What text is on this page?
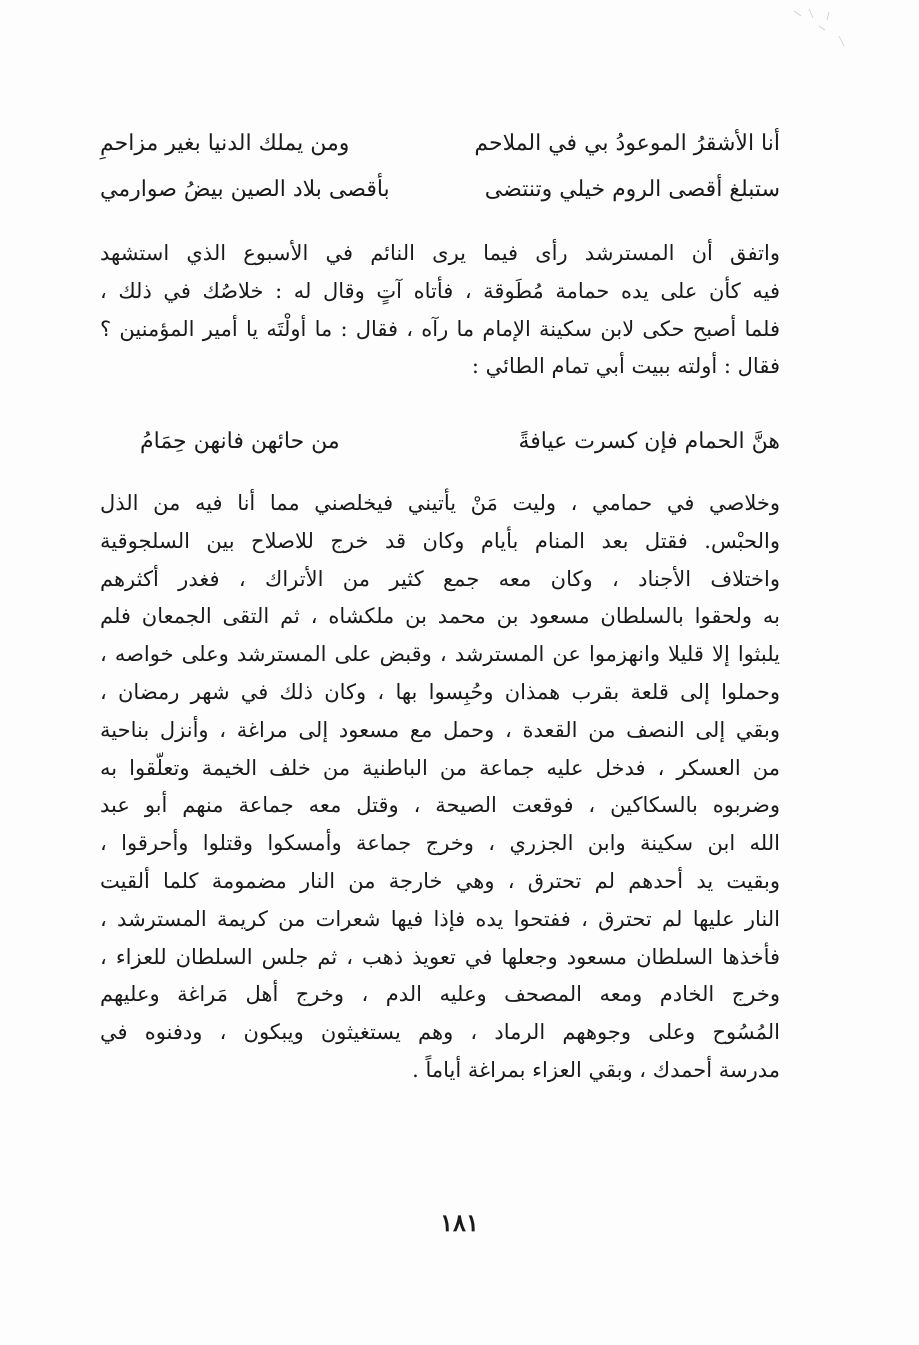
أنا الأشقرُ الموعودُ بي في الملاحم
ومن يملك الدنيا بغير مزاحمِ
ستبلغ أقصى الروم خيلي وتنتضى
بأقصى بلاد الصين بيضُ صوارمي
واتفق أن المسترشد رأى فيما يرى النائم في الأسبوع الذي استشهد
فيه كأن على يده حمامة مُطَوقة ، فأتاه آتٍ وقال له : خلاصُك في ذلك ،
فلما أصبح حكى لابن سكينة الإمام ما رآه ، فقال : ما أولْتَه يا أمير المؤمنين ؟
فقال : أولته ببيت أبي تمام الطائي :
هنَّ الحمام فإن كسرت عيافةً
من حائهن فانهن حِمَامُ
وخلاصي في حمامي ، وليت مَنْ يأتيني فيخلصني مما أنا فيه من الذل
والحبْس. فقتل بعد المنام بأيام وكان قد خرج للاصلاح بين السلجوقية
واختلاف الأجناد ، وكان معه جمع كثير من الأتراك ، فغدر أكثرهم
به ولحقوا بالسلطان مسعود بن محمد بن ملكشاه ، ثم التقى الجمعان فلم
يلبثوا إلا قليلا وانهزموا عن المسترشد ، وقبض على المسترشد وعلى خواصه ،
وحملوا إلى قلعة بقرب همذان وحُبِسوا بها ، وكان ذلك في شهر رمضان ،
وبقي إلى النصف من القعدة ، وحمل مع مسعود إلى مراغة ، وأنزل بناحية
من العسكر ، فدخل عليه جماعة من الباطنية من خلف الخيمة وتعلّقوا به
وضربوه بالسكاكين ، فوقعت الصيحة ، وقتل معه جماعة منهم أبو عبد
الله ابن سكينة وابن الجزري ، وخرج جماعة وأمسكوا وقتلوا وأحرقوا ،
وبقيت يد أحدهم لم تحترق ، وهي خارجة من النار مضمومة كلما ألقيت
النار عليها لم تحترق ، ففتحوا يده فإذا فيها شعرات من كريمة المسترشد ،
فأخذها السلطان مسعود وجعلها في تعويذ ذهب ، ثم جلس السلطان للعزاء ،
وخرج الخادم ومعه المصحف وعليه الدم ، وخرج أهل مَراغة وعليهم
المُسُوح وعلى وجوههم الرماد ، وهم يستغيثون ويبكون ، ودفنوه في
مدرسة أحمدك ، وبقي العزاء بمراغة أياماً .
١٨١
